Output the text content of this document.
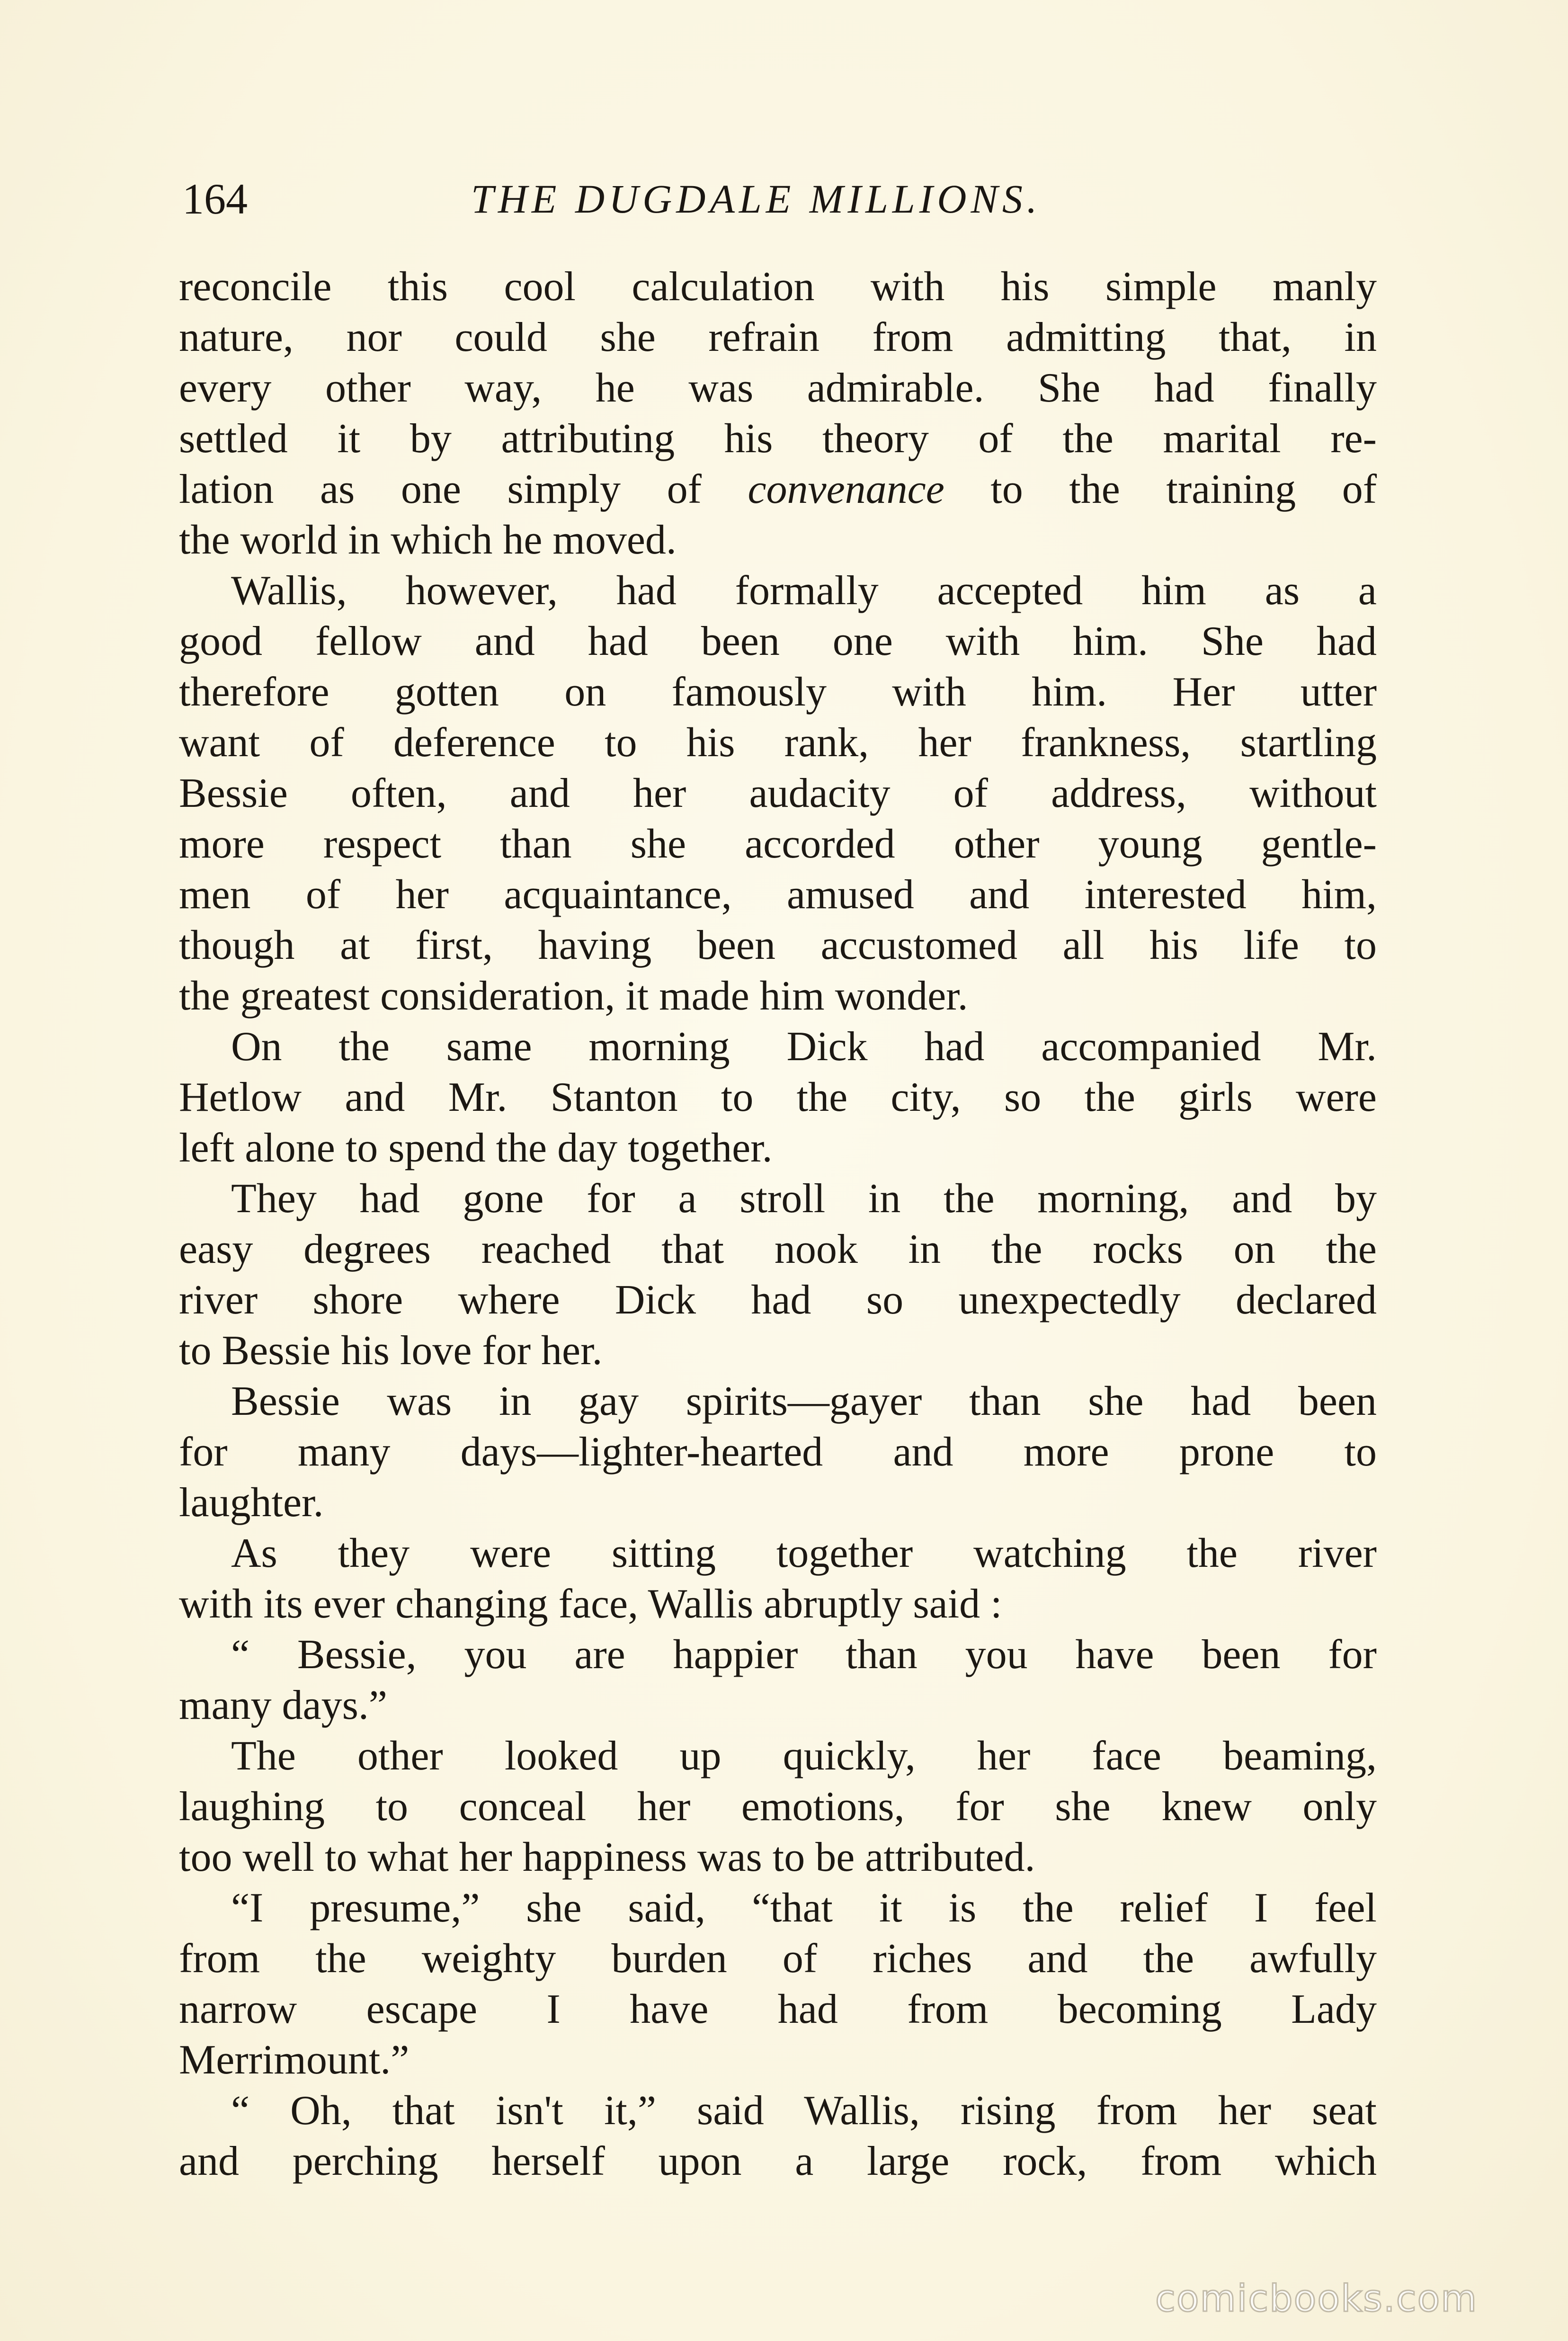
164	THE DUGDALE MILLIONS.
reconcile this cool calculation with his simple manly
nature, nor could she refrain from admitting that, in
every other way, he was admirable. She had finally
settled it by attributing his theory of the marital re-
lation as one simply of convenance to the training of
the world in which he moved.
Wallis, however, had formally accepted him as a
good fellow and had been one with him. She had
therefore gotten on famously with him. Her utter
want of deference to his rank, her frankness, startling
Bessie often, and her audacity of address, without
more respect than she accorded other young gentle-
men of her acquaintance, amused and interested him,
though at first, having been accustomed all his life to
the greatest consideration, it made him wonder.
On the same morning Dick had accompanied Mr.
Hetlow and Mr. Stanton to the city, so the girls were
left alone to spend the day together.
They had gone for a stroll in the morning, and by
easy degrees reached that nook in the rocks on the
river shore where Dick had so unexpectedly declared
to Bessie his love for her.
Bessie was in gay spirits—gayer than she had been
for many days—lighter-hearted and more prone to
laughter.
As they were sitting together watching the river
with its ever changing face, Wallis abruptly said :
“ Bessie, you are happier than you have been for
many days.”
The other looked up quickly, her face beaming,
laughing to conceal her emotions, for she knew only
too well to what her happiness was to be attributed.
“I presume,” she said, “that it is the relief I feel
from the weighty burden of riches and the awfully
narrow escape I have had from becoming Lady
Merrimount.”
“ Oh, that isn't it,” said Wallis, rising from her seat
and perching herself upon a large rock, from which
comicbooks.com
